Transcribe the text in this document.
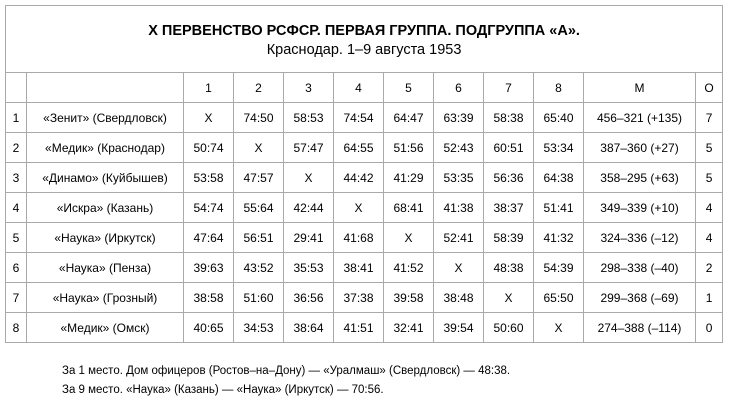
X ПЕРВЕНСТВО РСФСР. ПЕРВАЯ ГРУППА. ПОДГРУППА «А».
Краснодар. 1–9 августа 1953											

		1	2	3	4	5	6	7	8	М	О
1	«Зенит» (Свердловск)	X	74:50	58:53	74:54	64:47	63:39	58:38	65:40	456–321 (+135)	7
2	«Медик» (Краснодар)	50:74	X	57:47	64:55	51:56	52:43	60:51	53:34	387–360 (+27)	5
3	«Динамо» (Куйбышев)	53:58	47:57	X	44:42	41:29	53:35	56:36	64:38	358–295 (+63)	5
4	«Искра» (Казань)	54:74	55:64	42:44	X	68:41	41:38	38:37	51:41	349–339 (+10)	4
5	«Наука» (Иркутск)	47:64	56:51	29:41	41:68	X	52:41	58:39	41:32	324–336 (–12)	4
6	«Наука» (Пенза)	39:63	43:52	35:53	38:41	41:52	X	48:38	54:39	298–338 (–40)	2
7	«Наука» (Грозный)	38:58	51:60	36:56	37:38	39:58	38:48	X	65:50	299–368 (–69)	1
8	«Медик» (Омск)	40:65	34:53	38:64	41:51	32:41	39:54	50:60	X	274–388 (–114)	0
За 1 место. Дом офицеров (Ростов–на–Дону) — «Уралмаш» (Свердловск) — 48:38.
За 9 место. «Наука» (Казань) — «Наука» (Иркутск) — 70:56.
